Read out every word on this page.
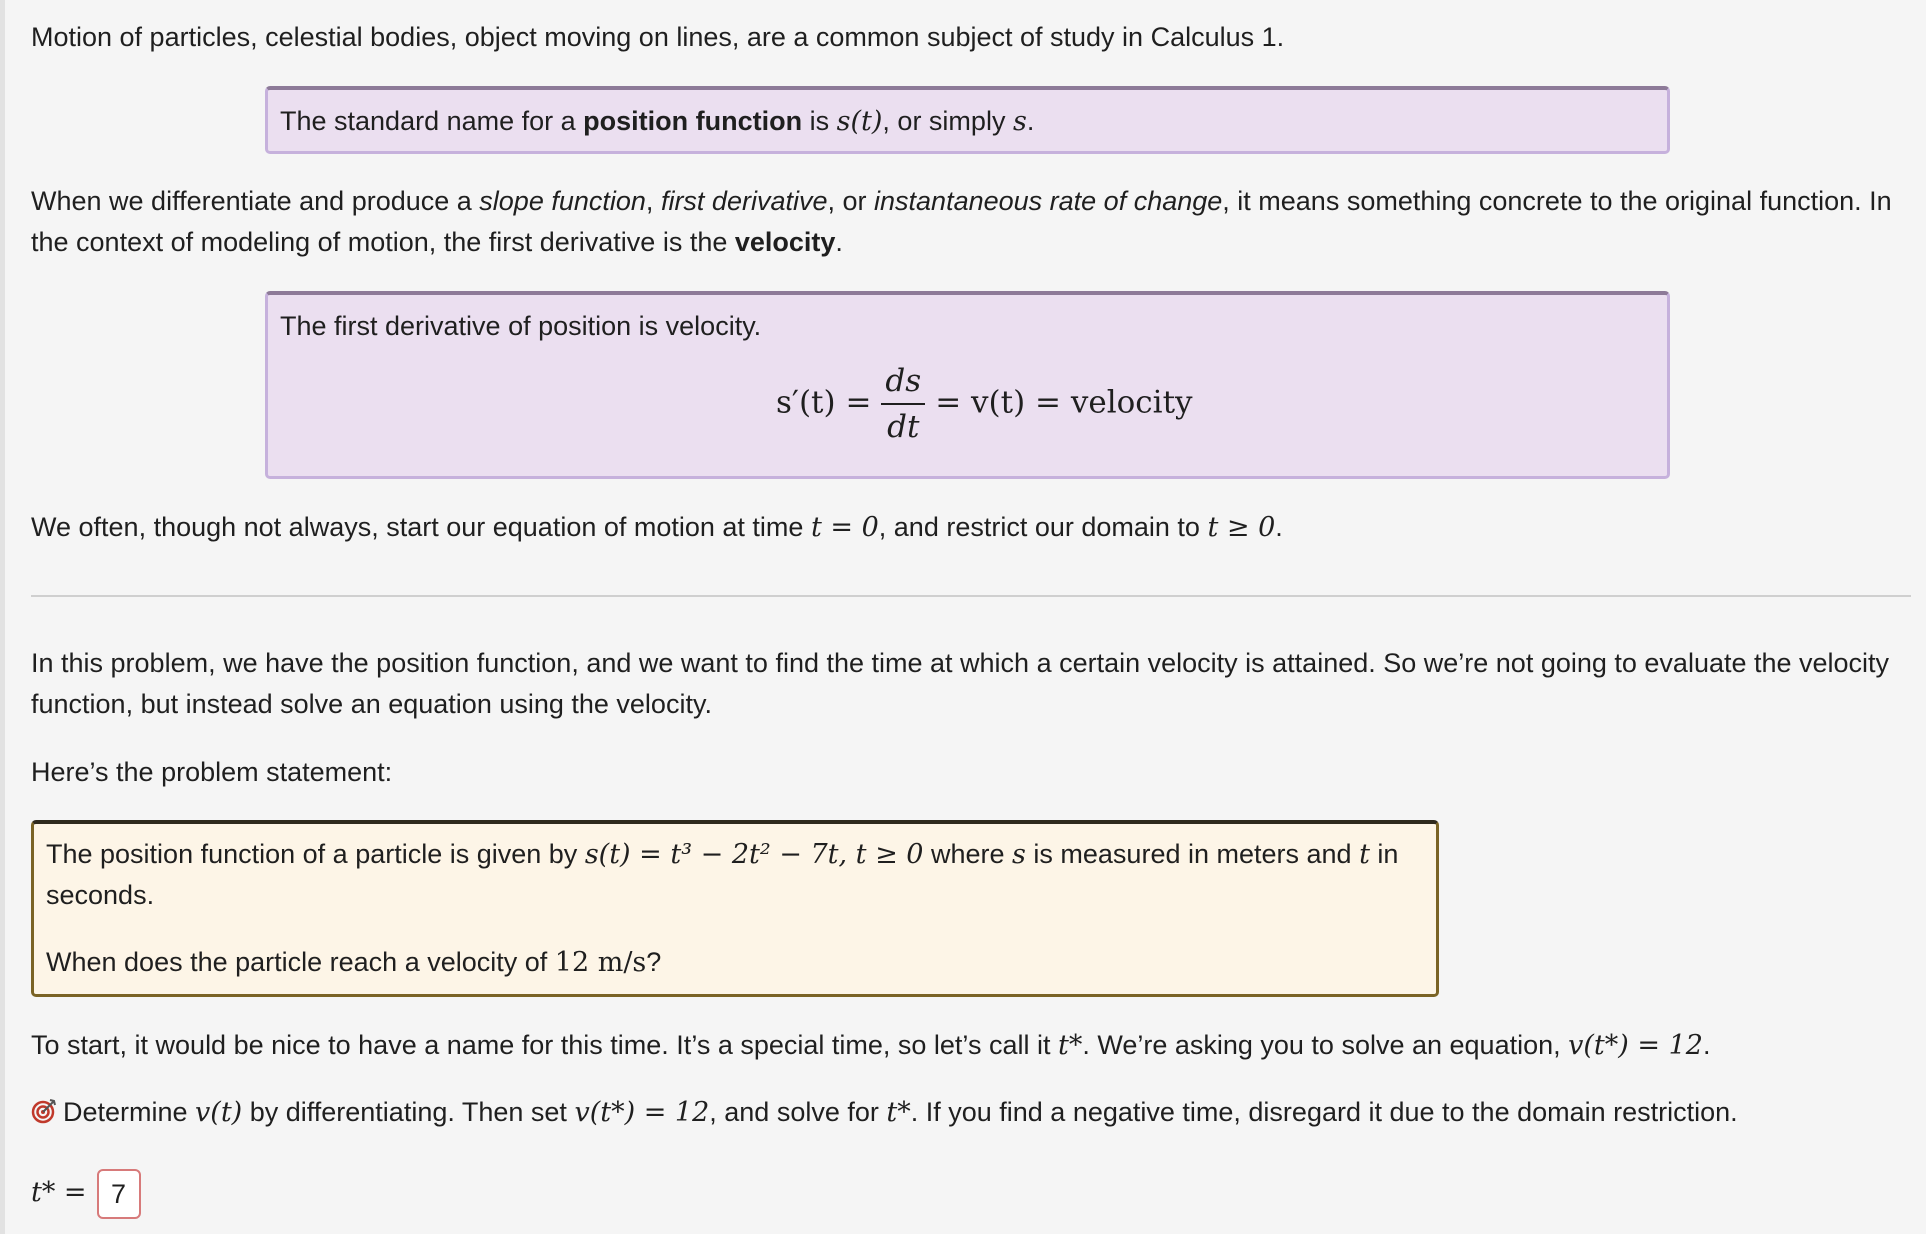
Motion of particles, celestial bodies, object moving on lines, are a common subject of study in Calculus 1.

The standard name for a position function is s(t), or simply s.

When we differentiate and produce a slope function, first derivative, or instantaneous rate of change, it means something concrete to the original function. In the context of modeling of motion, the first derivative is the velocity.

The first derivative of position is velocity.

$s'(t) = \frac{ds}{dt} = v(t)$ = velocity

We often, though not always, start our equation of motion at time t = 0, and restrict our domain to t ≥ 0.

In this problem, we have the position function, and we want to find the time at which a certain velocity is attained. So we’re not going to evaluate the velocity function, but instead solve an equation using the velocity.

Here’s the problem statement:

The position function of a particle is given by s(t) = t³ − 2t² − 7t, t ≥ 0 where s is measured in meters and t in seconds.

When does the particle reach a velocity of 12 m/s?

To start, it would be nice to have a name for this time. It’s a special time, so let’s call it t*. We’re asking you to solve an equation, v(t*) = 12.

Determine v(t) by differentiating. Then set v(t*) = 12, and solve for t*. If you find a negative time, disregard it due to the domain restriction.

t* = 7
